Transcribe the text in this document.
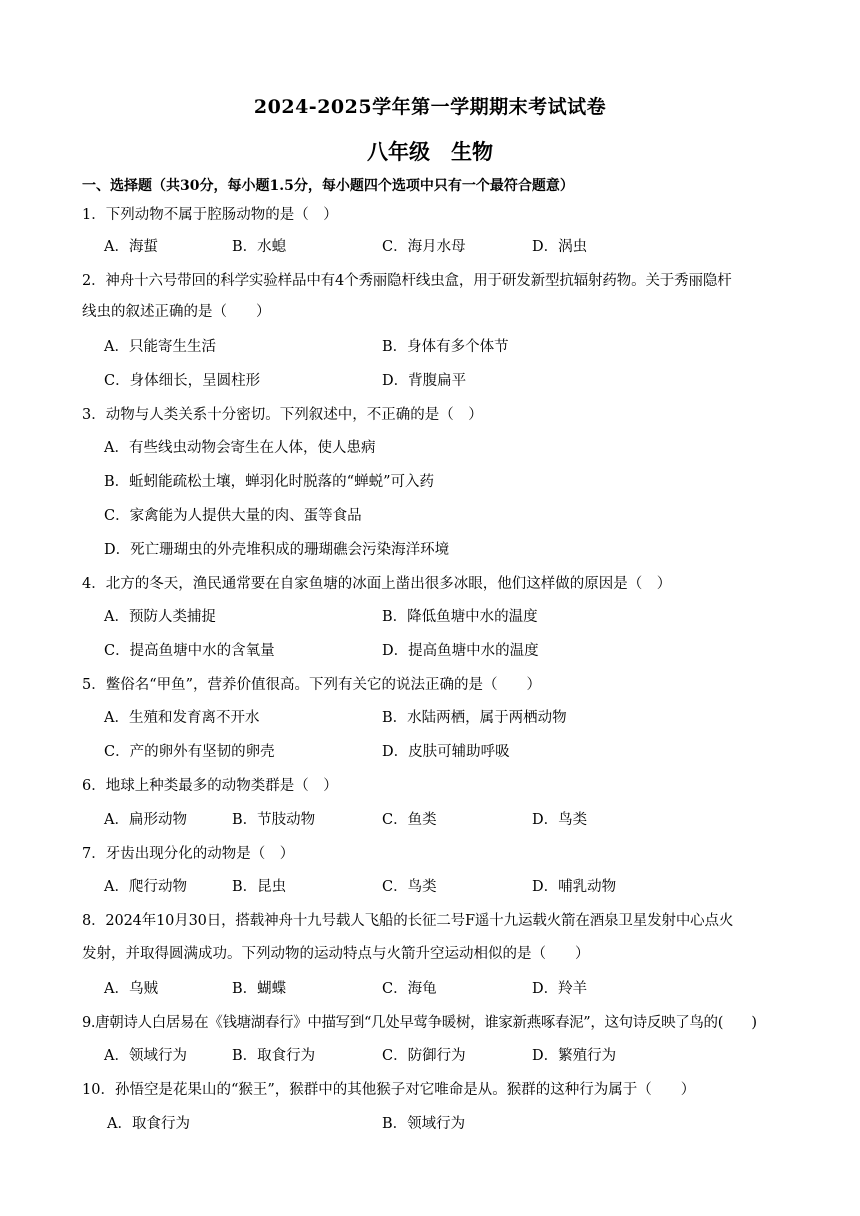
2024-2025学年第一学期期末考试试卷
八年级　生物
一、选择题（共30分，每小题1.5分，每小题四个选项中只有一个最符合题意）
1．下列动物不属于腔肠动物的是（　）
A．海蜇	B．水螅	C．海月水母	D．涡虫
2．神舟十六号带回的科学实验样品中有4个秀丽隐杆线虫盒，用于研发新型抗辐射药物。关于秀丽隐杆
线虫的叙述正确的是（　　）
A．只能寄生生活	B．身体有多个体节
C．身体细长，呈圆柱形	D．背腹扁平
3．动物与人类关系十分密切。下列叙述中，不正确的是（　）
A．有些线虫动物会寄生在人体，使人患病
B．蚯蚓能疏松土壤，蝉羽化时脱落的“蝉蜕”可入药
C．家禽能为人提供大量的肉、蛋等食品
D．死亡珊瑚虫的外壳堆积成的珊瑚礁会污染海洋环境
4．北方的冬天，渔民通常要在自家鱼塘的冰面上凿出很多冰眼，他们这样做的原因是（　）
A．预防人类捕捉	B．降低鱼塘中水的温度
C．提高鱼塘中水的含氧量	D．提高鱼塘中水的温度
5．鳖俗名“甲鱼”，营养价值很高。下列有关它的说法正确的是（　　）
A．生殖和发育离不开水	B．水陆两栖，属于两栖动物
C．产的卵外有坚韧的卵壳	D．皮肤可辅助呼吸
6．地球上种类最多的动物类群是（　）
A．扁形动物	B．节肢动物	C．鱼类	D．鸟类
7．牙齿出现分化的动物是（　）
A．爬行动物	B．昆虫	C．鸟类	D．哺乳动物
8．2024年10月30日，搭载神舟十九号载人飞船的长征二号F遥十九运载火箭在酒泉卫星发射中心点火
发射，并取得圆满成功。下列动物的运动特点与火箭升空运动相似的是（　　）
A．乌贼	B．蝴蝶	C．海龟	D．羚羊
9.唐朝诗人白居易在《钱塘湖春行》中描写到“几处早莺争暖树，谁家新燕啄春泥”，这句诗反映了鸟的(　　)
A．领域行为	B．取食行为	C．防御行为	D．繁殖行为
10．孙悟空是花果山的“猴王”，猴群中的其他猴子对它唯命是从。猴群的这种行为属于（　　）
A．取食行为	B．领域行为
